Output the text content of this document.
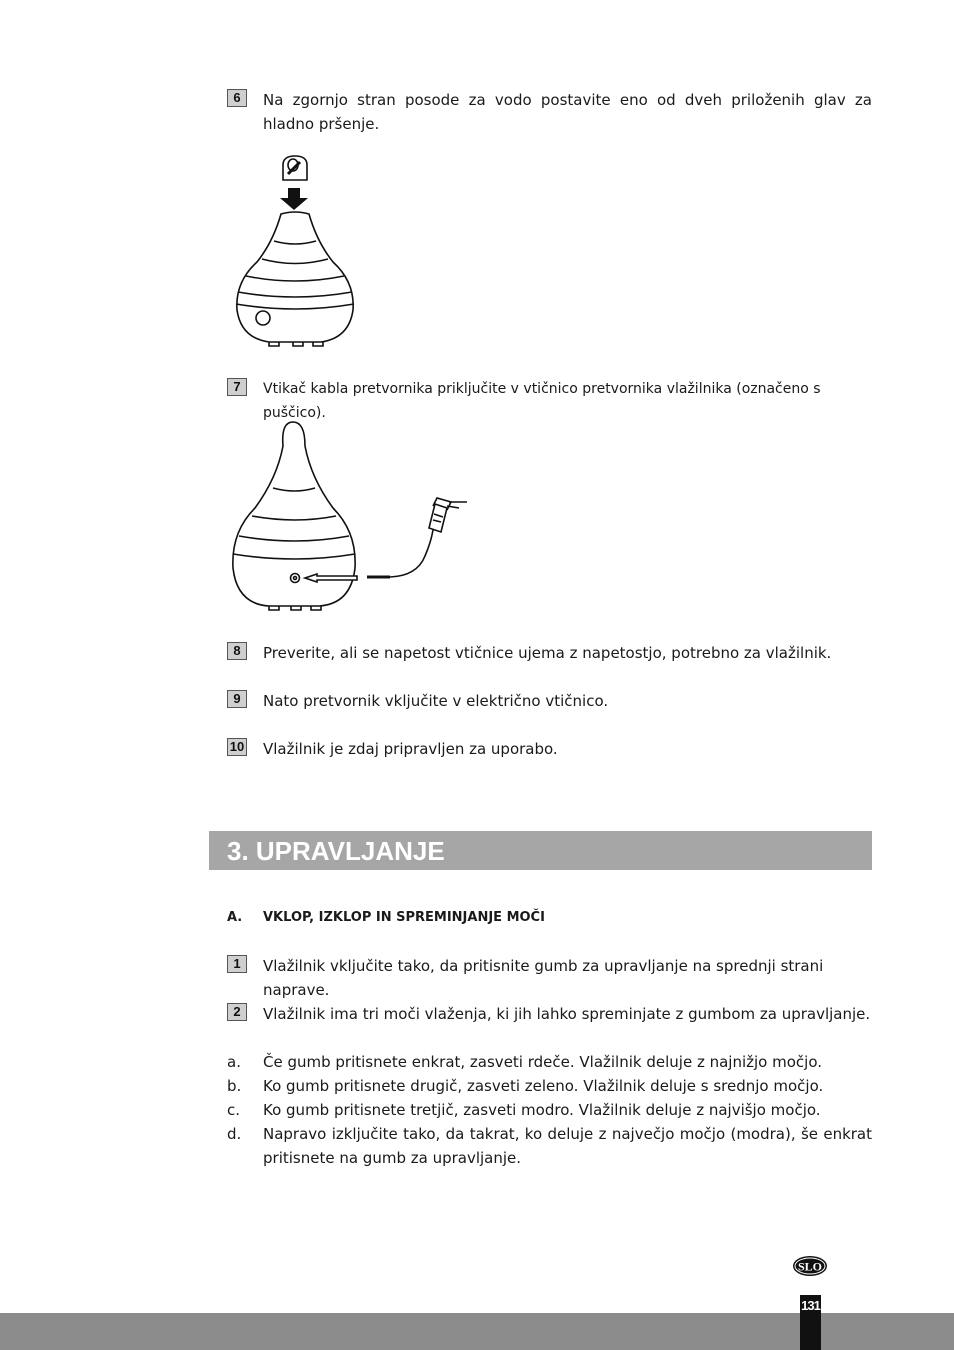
6	Na zgornjo stran posode za vodo postavite eno od dveh priloženih glav za hladno pršenje.
7	Vtikač kabla pretvornika priključite v vtičnico pretvornika vlažilnika (označeno s puščico).
8	Preverite, ali se napetost vtičnice ujema z napetostjo, potrebno za vlažilnik.
9	Nato pretvornik vključite v električno vtičnico.
10 Vlažilnik je zdaj pripravljen za uporabo.
3. UPRAVLJANJE
A. VKLOP, IZKLOP IN SPREMINJANJE MOČI
1	Vlažilnik vključite tako, da pritisnite gumb za upravljanje na sprednji strani naprave.
2	Vlažilnik ima tri moči vlaženja, ki jih lahko spreminjate z gumbom za upravljanje.
a. Če gumb pritisnete enkrat, zasveti rdeče. Vlažilnik deluje z najnižjo močjo.
b. Ko gumb pritisnete drugič, zasveti zeleno. Vlažilnik deluje s srednjo močjo.
c. Ko gumb pritisnete tretjič, zasveti modro. Vlažilnik deluje z najvišjo močjo.
d. Napravo izključite tako, da takrat, ko deluje z največjo močjo (modra), še enkrat pritisnete na gumb za upravljanje.
SLO
131
